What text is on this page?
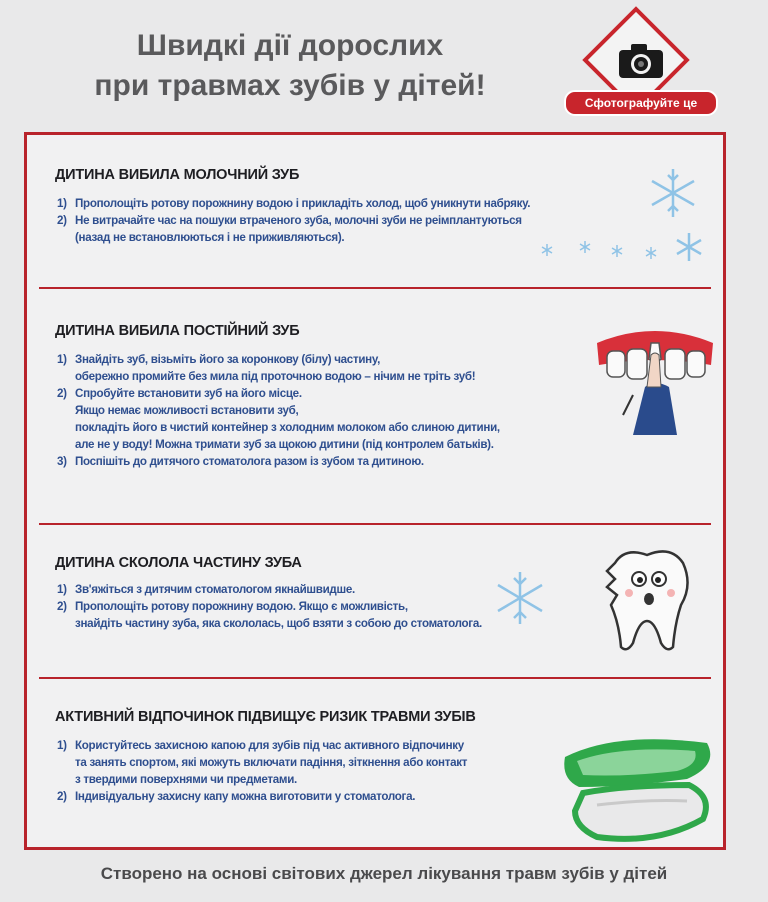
Швидкі дії дорослих
при травмах зубів у дітей!
Сфотографуйте це
ДИТИНА ВИБИЛА МОЛОЧНИЙ ЗУБ
1) Прополощіть ротову порожнину водою і прикладіть холод, щоб уникнути набряку.
2) Не витрачайте час на пошуки втраченого зуба, молочні зуби не реімплантуються
(назад не встановлюються і не приживляються).
ДИТИНА ВИБИЛА ПОСТІЙНИЙ ЗУБ
1) Знайдіть зуб, візьміть його за коронкову (білу) частину,
обережно промийте без мила під проточною водою – нічим не тріть зуб!
2) Спробуйте встановити зуб на його місце.
Якщо немає можливості встановити зуб,
покладіть його в чистий контейнер з холодним молоком або слиною дитини,
але не у воду! Можна тримати зуб за щокою дитини (під контролем батьків).
3) Поспішіть до дитячого стоматолога разом із зубом та дитиною.
ДИТИНА СКОЛОЛА ЧАСТИНУ ЗУБА
1) Зв'яжіться з дитячим стоматологом якнайшвидше.
2) Прополощіть ротову порожнину водою. Якщо є можливість,
знайдіть частину зуба, яка скололась, щоб взяти з собою до стоматолога.
АКТИВНИЙ ВІДПОЧИНОК ПІДВИЩУЄ РИЗИК ТРАВМИ ЗУБІВ
1) Користуйтесь захисною капою для зубів під час активного відпочинку
та занять спортом, які можуть включати падіння, зіткнення або контакт
з твердими поверхнями чи предметами.
2) Індивідуальну захисну капу можна виготовити у стоматолога.
Створено на основі світових джерел лікування травм зубів у дітей
